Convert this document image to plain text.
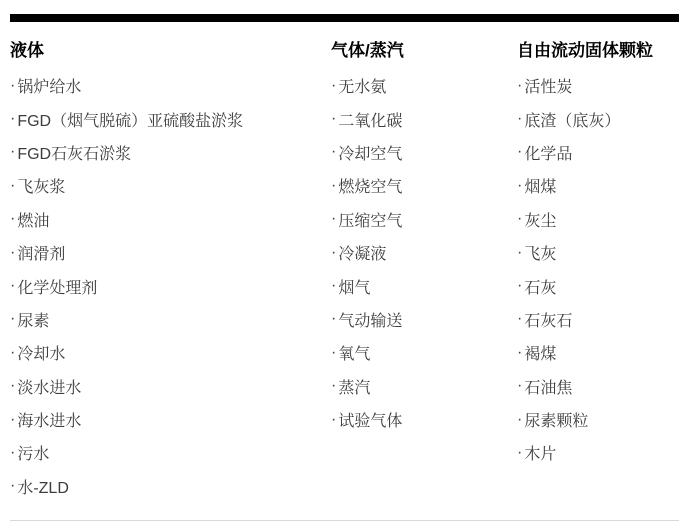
液体
· 锅炉给水
· FGD（烟气脱硫）亚硫酸盐淤浆
· FGD石灰石淤浆
· 飞灰浆
· 燃油
· 润滑剂
· 化学处理剂
· 尿素
· 冷却水
· 淡水进水
· 海水进水
· 污水
· 水-ZLD
气体/蒸汽
· 无水氨
· 二氧化碳
· 冷却空气
· 燃烧空气
· 压缩空气
· 冷凝液
· 烟气
· 气动输送
· 氧气
· 蒸汽
· 试验气体
自由流动固体颗粒
· 活性炭
· 底渣（底灰）
· 化学品
· 烟煤
· 灰尘
· 飞灰
· 石灰
· 石灰石
· 褐煤
· 石油焦
· 尿素颗粒
· 木片
